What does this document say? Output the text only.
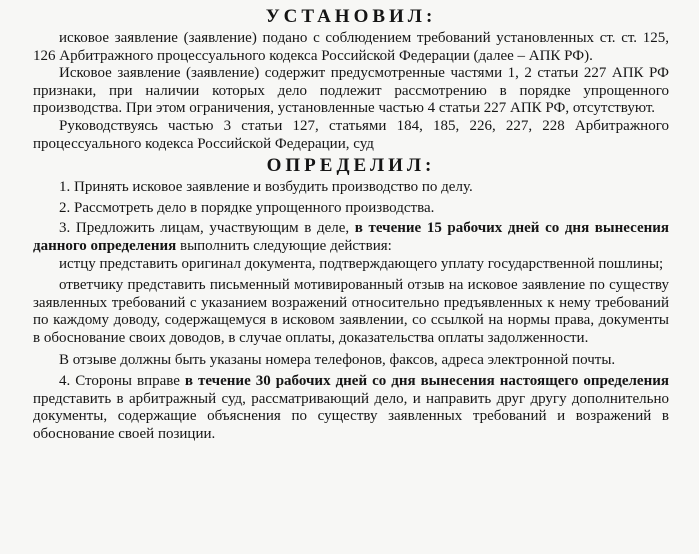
УСТАНОВИЛ:

исковое заявление (заявление) подано с соблюдением требований установленных ст. ст. 125, 126 Арбитражного процессуального кодекса Российской Федерации (далее – АПК РФ).

Исковое заявление (заявление) содержит предусмотренные частями 1, 2 статьи 227 АПК РФ признаки, при наличии которых дело подлежит рассмотрению в порядке упрощенного производства. При этом ограничения, установленные частью 4 статьи 227 АПК РФ, отсутствуют.

Руководствуясь частью 3 статьи 127, статьями 184, 185, 226, 227, 228 Арбитражного процессуального кодекса Российской Федерации, суд

ОПРЕДЕЛИЛ:

1. Принять исковое заявление и возбудить производство по делу.

2. Рассмотреть дело в порядке упрощенного производства.

3. Предложить лицам, участвующим в деле, в течение 15 рабочих дней со дня вынесения данного определения выполнить следующие действия:

истцу представить оригинал документа, подтверждающего уплату государственной пошлины;

ответчику представить письменный мотивированный отзыв на исковое заявление по существу заявленных требований с указанием возражений относительно предъявленных к нему требований по каждому доводу, содержащемуся в исковом заявлении, со ссылкой на нормы права, документы в обоснование своих доводов, в случае оплаты, доказательства оплаты задолженности.

В отзыве должны быть указаны номера телефонов, факсов, адреса электронной почты.

4. Стороны вправе в течение 30 рабочих дней со дня вынесения настоящего определения представить в арбитражный суд, рассматривающий дело, и направить друг другу дополнительно документы, содержащие объяснения по существу заявленных требований и возражений в обоснование своей позиции.
